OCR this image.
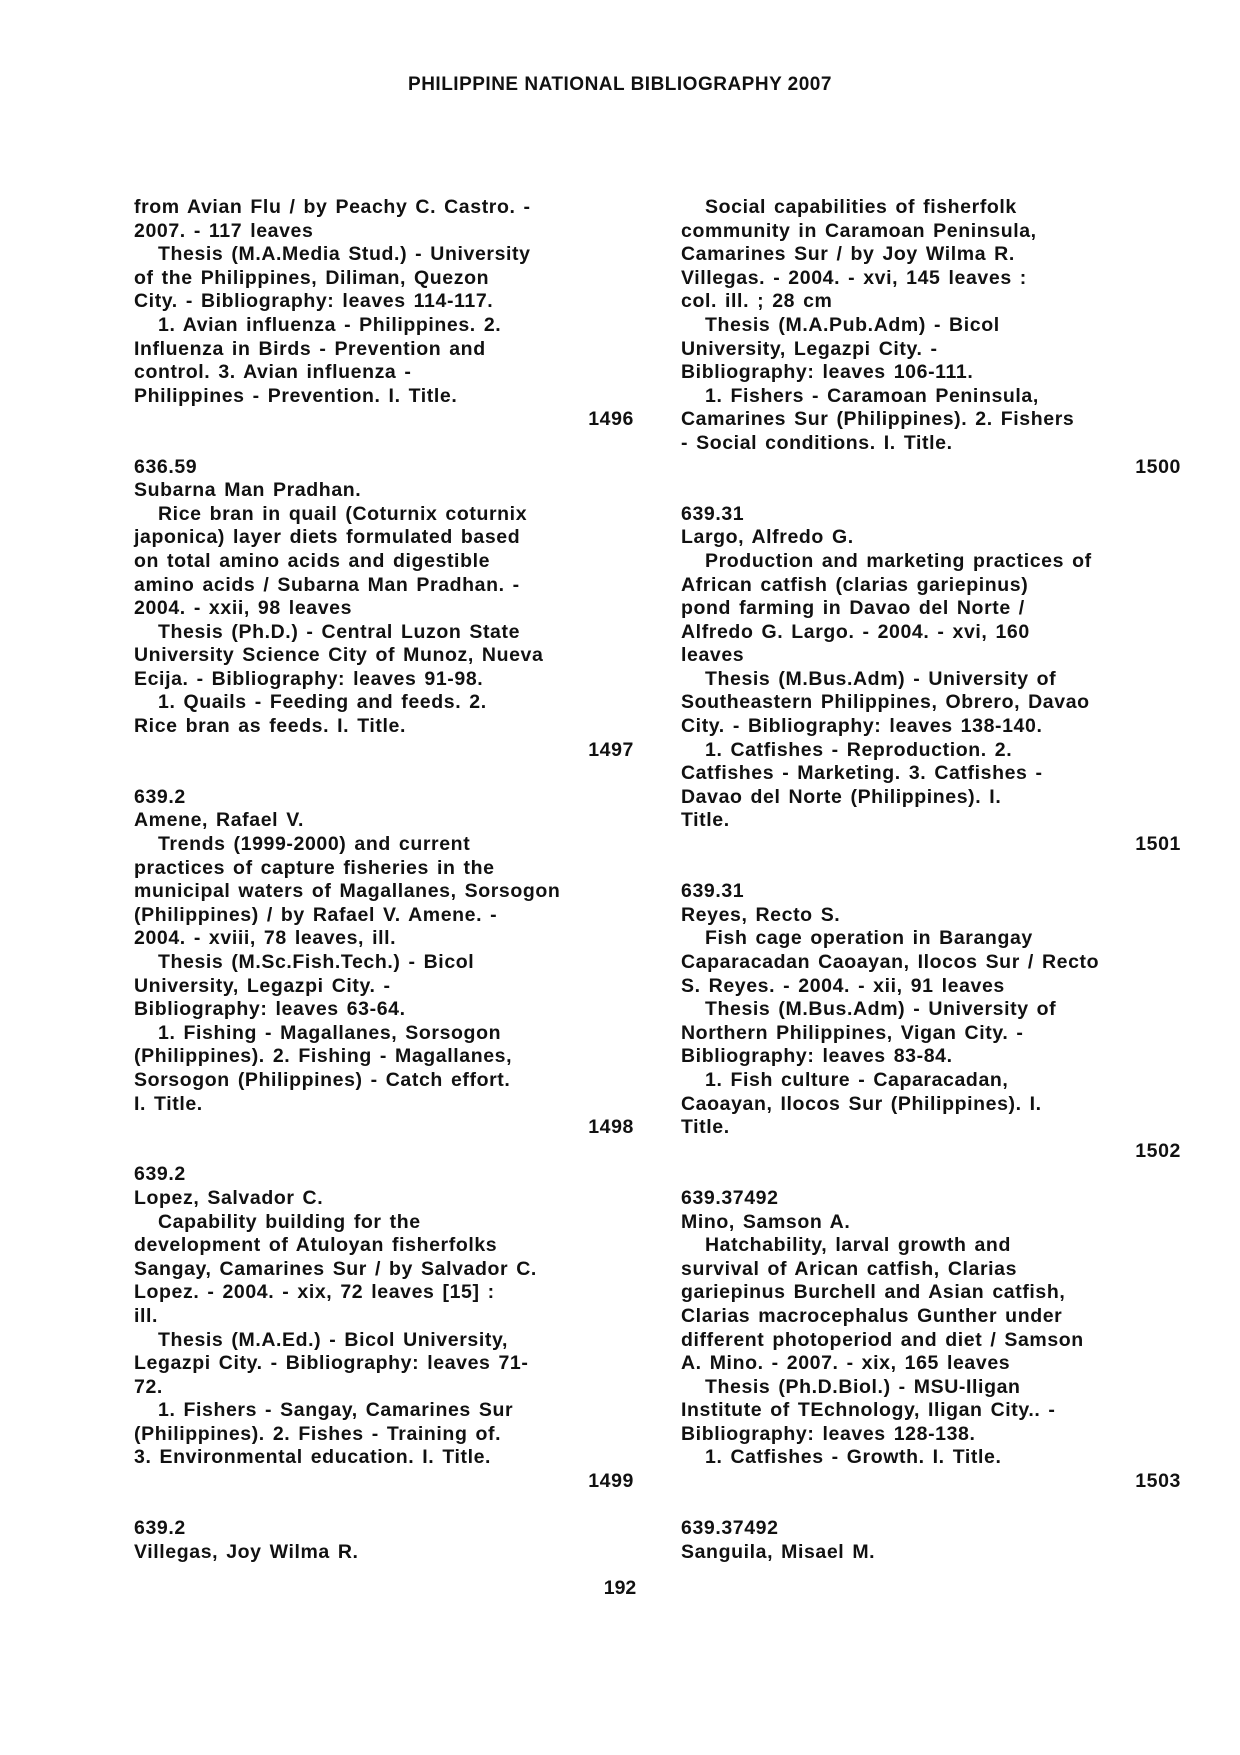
PHILIPPINE NATIONAL BIBLIOGRAPHY 2007
from Avian Flu / by Peachy C. Castro. -
2007. - 117 leaves
Thesis (M.A.Media Stud.) - University
of the Philippines, Diliman, Quezon
City. - Bibliography: leaves 114-117.
1. Avian influenza - Philippines. 2.
Influenza in Birds - Prevention and
control. 3. Avian influenza -
Philippines - Prevention. I. Title.
1496
636.59
Subarna Man Pradhan.
Rice bran in quail (Coturnix coturnix
japonica) layer diets formulated based
on total amino acids and digestible
amino acids / Subarna Man Pradhan. -
2004. - xxii, 98 leaves
Thesis (Ph.D.) - Central Luzon State
University Science City of Munoz, Nueva
Ecija. - Bibliography: leaves 91-98.
1. Quails - Feeding and feeds. 2.
Rice bran as feeds. I. Title.
1497
639.2
Amene, Rafael V.
Trends (1999-2000) and current
practices of capture fisheries in the
municipal waters of Magallanes, Sorsogon
(Philippines) / by Rafael V. Amene. -
2004. - xviii, 78 leaves, ill.
Thesis (M.Sc.Fish.Tech.) - Bicol
University, Legazpi City. -
Bibliography: leaves 63-64.
1. Fishing - Magallanes, Sorsogon
(Philippines). 2. Fishing - Magallanes,
Sorsogon (Philippines) - Catch effort.
I. Title.
1498
639.2
Lopez, Salvador C.
Capability building for the
development of Atuloyan fisherfolks
Sangay, Camarines Sur / by Salvador C.
Lopez. - 2004. - xix, 72 leaves [15] :
ill.
Thesis (M.A.Ed.) - Bicol University,
Legazpi City. - Bibliography: leaves 71-
72.
1. Fishers - Sangay, Camarines Sur
(Philippines). 2. Fishes - Training of.
3. Environmental education. I. Title.
1499
639.2
Villegas, Joy Wilma R.
Social capabilities of fisherfolk
community in Caramoan Peninsula,
Camarines Sur / by Joy Wilma R.
Villegas. - 2004. - xvi, 145 leaves :
col. ill. ; 28 cm
Thesis (M.A.Pub.Adm) - Bicol
University, Legazpi City. -
Bibliography: leaves 106-111.
1. Fishers - Caramoan Peninsula,
Camarines Sur (Philippines). 2. Fishers
- Social conditions. I. Title.
1500
639.31
Largo, Alfredo G.
Production and marketing practices of
African catfish (clarias gariepinus)
pond farming in Davao del Norte /
Alfredo G. Largo. - 2004. - xvi, 160
leaves
Thesis (M.Bus.Adm) - University of
Southeastern Philippines, Obrero, Davao
City. - Bibliography: leaves 138-140.
1. Catfishes - Reproduction. 2.
Catfishes - Marketing. 3. Catfishes -
Davao del Norte (Philippines). I.
Title.
1501
639.31
Reyes, Recto S.
Fish cage operation in Barangay
Caparacadan Caoayan, Ilocos Sur / Recto
S. Reyes. - 2004. - xii, 91 leaves
Thesis (M.Bus.Adm) - University of
Northern Philippines, Vigan City. -
Bibliography: leaves 83-84.
1. Fish culture - Caparacadan,
Caoayan, Ilocos Sur (Philippines). I.
Title.
1502
639.37492
Mino, Samson A.
Hatchability, larval growth and
survival of Arican catfish, Clarias
gariepinus Burchell and Asian catfish,
Clarias macrocephalus Gunther under
different photoperiod and diet / Samson
A. Mino. - 2007. - xix, 165 leaves
Thesis (Ph.D.Biol.) - MSU-Iligan
Institute of TEchnology, Iligan City.. -
Bibliography: leaves 128-138.
1. Catfishes - Growth. I. Title.
1503
639.37492
Sanguila, Misael M.
192
